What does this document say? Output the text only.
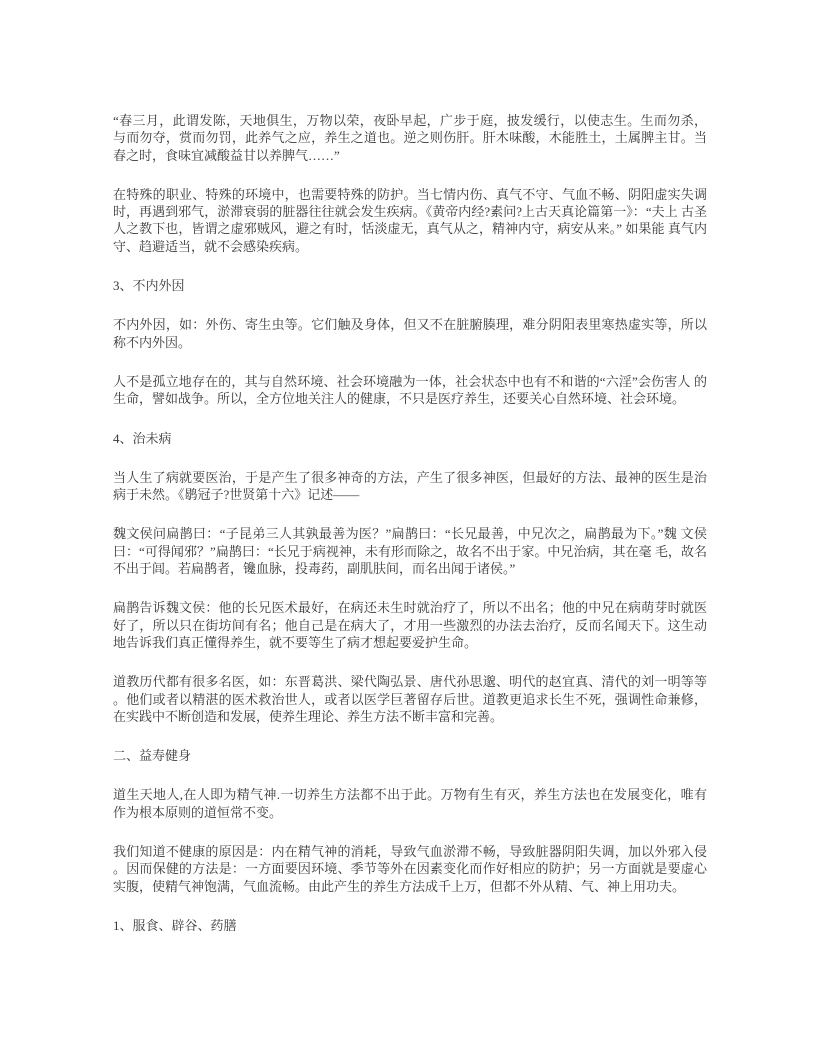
“春三月，此谓发陈，天地俱生，万物以荣，夜卧早起，广步于庭，披发缓行，以使志生。生而勿杀， 与而勿夺，赏而勿罚，此养气之应，养生之道也。逆之则伤肝。肝木味酸，木能胜土，土属脾主甘。当 春之时，食味宜减酸益甘以养脾气……”

在特殊的职业、特殊的环境中，也需要特殊的防护。当七情内伤、真气不守、气血不畅、阴阳虚实失调 时，再遇到邪气，淤滞衰弱的脏器往往就会发生疾病。《黄帝内经?素问?上古天真论篇第一》：“夫上 古圣人之教下也，皆谓之虚邪贼风，避之有时，恬淡虚无，真气从之，精神内守，病安从来。” 如果能 真气内守、趋避适当，就不会感染疾病。

3、不内外因

不内外因，如：外伤、寄生虫等。它们触及身体，但又不在脏腑腠理，难分阴阳表里寒热虚实等，所以 称不内外因。

人不是孤立地存在的，其与自然环境、社会环境融为一体，社会状态中也有不和谐的“六淫”会伤害人 的生命，譬如战争。所以，全方位地关注人的健康，不只是医疗养生，还要关心自然环境、社会环境。

4、治未病

当人生了病就要医治，于是产生了很多神奇的方法，产生了很多神医，但最好的方法、最神的医生是治 病于未然。《鹖冠子?世贤第十六》记述——

魏文侯问扁鹊曰：“子昆弟三人其孰最善为医？”扁鹊曰：“长兄最善，中兄次之，扁鹊最为下。”魏 文侯曰：“可得闻邪？”扁鹊曰：“长兄于病视神，未有形而除之，故名不出于家。中兄治病，其在毫 毛，故名不出于闾。若扁鹊者，镵血脉，投毒药，副肌肤间，而名出闻于诸侯。”

扁鹊告诉魏文侯：他的长兄医术最好，在病还未生时就治疗了，所以不出名；他的中兄在病萌芽时就医 好了，所以只在街坊间有名；他自己是在病大了，才用一些激烈的办法去治疗，反而名闻天下。这生动 地告诉我们真正懂得养生，就不要等生了病才想起要爱护生命。

道教历代都有很多名医，如：东晋葛洪、梁代陶弘景、唐代孙思邈、明代的赵宜真、清代的刘一明等等 。他们或者以精湛的医术救治世人，或者以医学巨著留存后世。道教更追求长生不死，强调性命兼修， 在实践中不断创造和发展，使养生理论、养生方法不断丰富和完善。

二、益寿健身

道生天地人,在人即为精气神.一切养生方法都不出于此。万物有生有灭，养生方法也在发展变化，唯有 作为根本原则的道恒常不变。

我们知道不健康的原因是：内在精气神的消耗，导致气血淤滞不畅，导致脏器阴阳失调，加以外邪入侵 。因而保健的方法是：一方面要因环境、季节等外在因素变化而作好相应的防护；另一方面就是要虚心 实腹，使精气神饱满，气血流畅。由此产生的养生方法成千上万，但都不外从精、气、神上用功夫。

1、服食、辟谷、药膳
